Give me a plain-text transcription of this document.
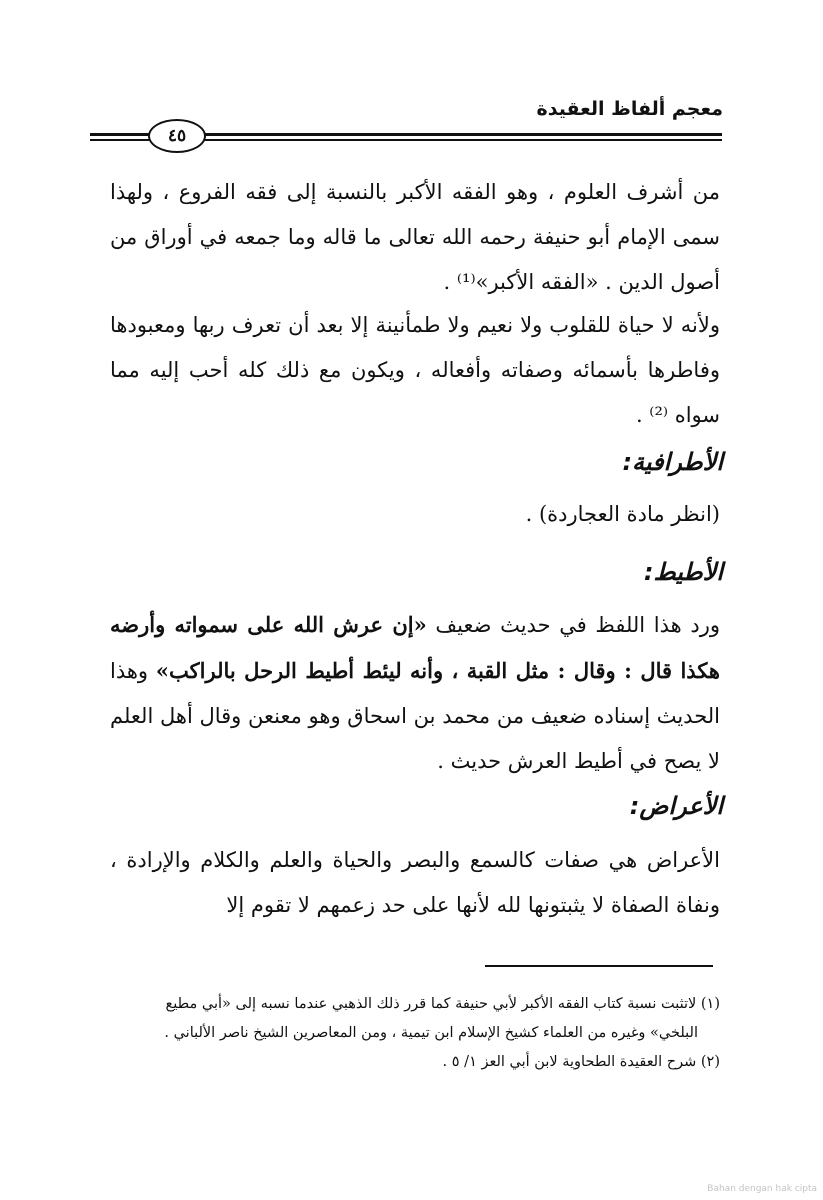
معجم ألفاظ العقيدة
٤٥

من أشرف العلوم ، وهو الفقه الأكبر بالنسبة إلى فقه الفروع ، ولهذا سمى الإمام أبو حنيفة رحمه الله تعالى ما قاله وما جمعه في أوراق من أصول الدين . «الفقه الأكبر»⁽¹⁾ .

ولأنه لا حياة للقلوب ولا نعيم ولا طمأنينة إلا بعد أن تعرف ربها ومعبودها وفاطرها بأسمائه وصفاته وأفعاله ، ويكون مع ذلك كله أحب إليه مما سواه ⁽²⁾ .

الأطرافية:

(انظر مادة العجاردة) .

الأطيط:

ورد هذا اللفظ في حديث ضعيف «إن عرش الله على سمواته وأرضه هكذا قال : وقال : مثل القبة ، وأنه ليئط أطيط الرحل بالراكب» وهذا الحديث إسناده ضعيف من محمد بن اسحاق وهو معنعن وقال أهل العلم لا يصح في أطيط العرش حديث .

الأعراض:

الأعراض هي صفات كالسمع والبصر والحياة والعلم والكلام والإرادة ، ونفاة الصفاة لا يثبتونها لله لأنها على حد زعمهم لا تقوم إلا

(١) لاتثبت نسبة كتاب الفقه الأكبر لأبي حنيفة كما قرر ذلك الذهبي عندما نسبه إلى «أبي مطيع

البلخي» وغيره من العلماء كشيخ الإسلام ابن تيمية ، ومن المعاصرين الشيخ ناصر الألباني .

(٢) شرح العقيدة الطحاوية لابن أبي العز ١/ ٥ .

Bahan dengan hak cipta
